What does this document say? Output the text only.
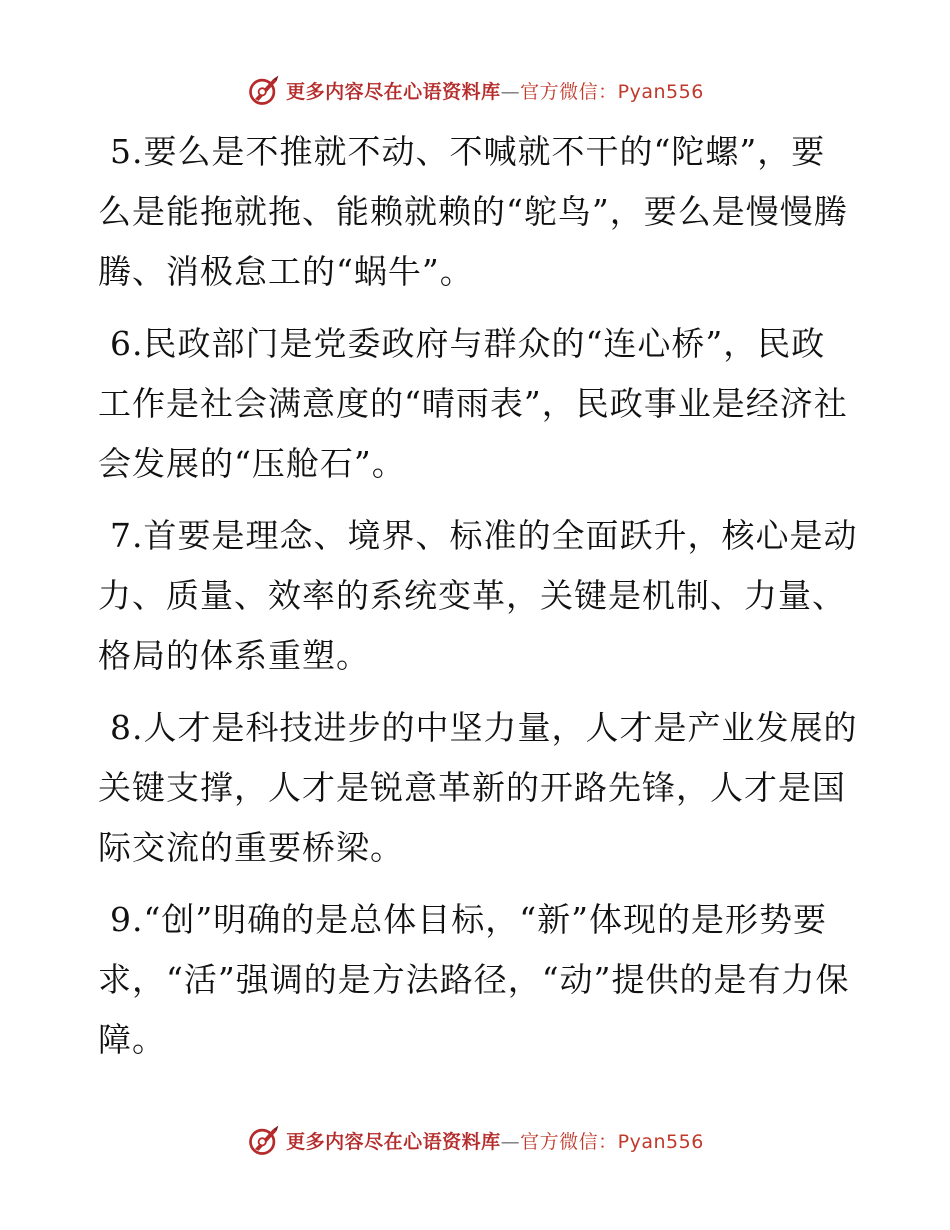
更多内容尽在心语资料库—官方微信：Pyan556

5.要么是不推就不动、不喊就不干的“陀螺”，要么是能拖就拖、能赖就赖的“鸵鸟”，要么是慢慢腾腾、消极怠工的“蜗牛”。

6.民政部门是党委政府与群众的“连心桥”，民政工作是社会满意度的“晴雨表”，民政事业是经济社会发展的“压舱石”。

7.首要是理念、境界、标准的全面跃升，核心是动力、质量、效率的系统变革，关键是机制、力量、格局的体系重塑。

8.人才是科技进步的中坚力量，人才是产业发展的关键支撑，人才是锐意革新的开路先锋，人才是国际交流的重要桥梁。

9.“创”明确的是总体目标，“新”体现的是形势要求，“活”强调的是方法路径，“动”提供的是有力保障。

更多内容尽在心语资料库—官方微信：Pyan556
